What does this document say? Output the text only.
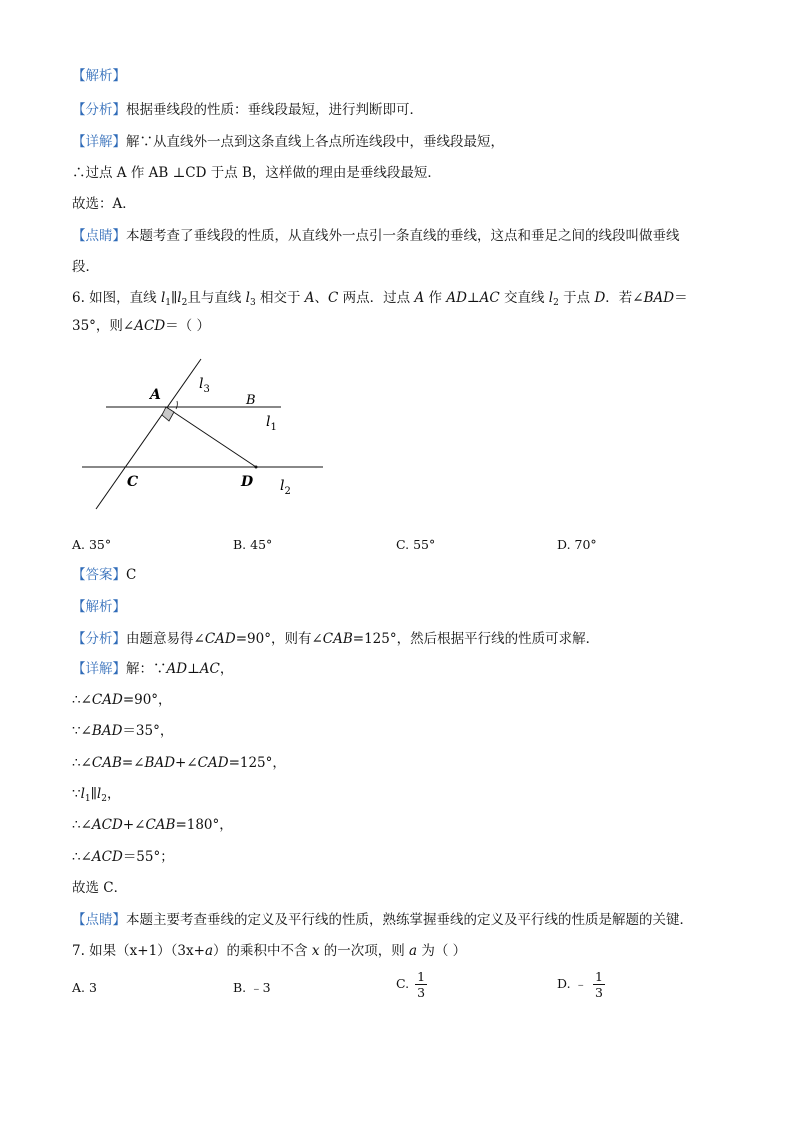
【解析】
【分析】根据垂线段的性质：垂线段最短，进行判断即可．
【详解】解∵从直线外一点到这条直线上各点所连线段中，垂线段最短，
∴过点 A 作 AB ⊥CD 于点 B，这样做的理由是垂线段最短．
故选：A．
【点睛】本题考查了垂线段的性质，从直线外一点引一条直线的垂线，这点和垂足之间的线段叫做垂线
段．
6. 如图，直线 $l_1\parallel l_2$且与直线 $l_3$ 相交于 A、C 两点．过点 A 作 AD⊥AC 交直线 $l_2$ 于点 D．若∠BAD＝
35°，则∠ACD＝（ ）
A	B
C	D
$l_3$
$l_1$
$l_2$
A. 35°	B. 45°	C. 55°	D. 70°
【答案】C
【解析】
【分析】由题意易得∠CAD=90°，则有∠CAB=125°，然后根据平行线的性质可求解．
【详解】解：∵AD⊥AC，
∴∠CAD=90°，
∵∠BAD＝35°，
∴∠CAB=∠BAD+∠CAD=125°，
$\because l_1\parallel l_2$，
∴∠ACD+∠CAB=180°，
∴∠ACD＝55°；
故选 C．
【点睛】本题主要考查垂线的定义及平行线的性质，熟练掌握垂线的定义及平行线的性质是解题的关键．
7. 如果（x+1）（3x+a）的乘积中不含 x 的一次项，则 a 为（ ）
A. 3	B. ﹣3	C. $\frac{1}{3}$	D. ﹣ $\frac{1}{3}$
